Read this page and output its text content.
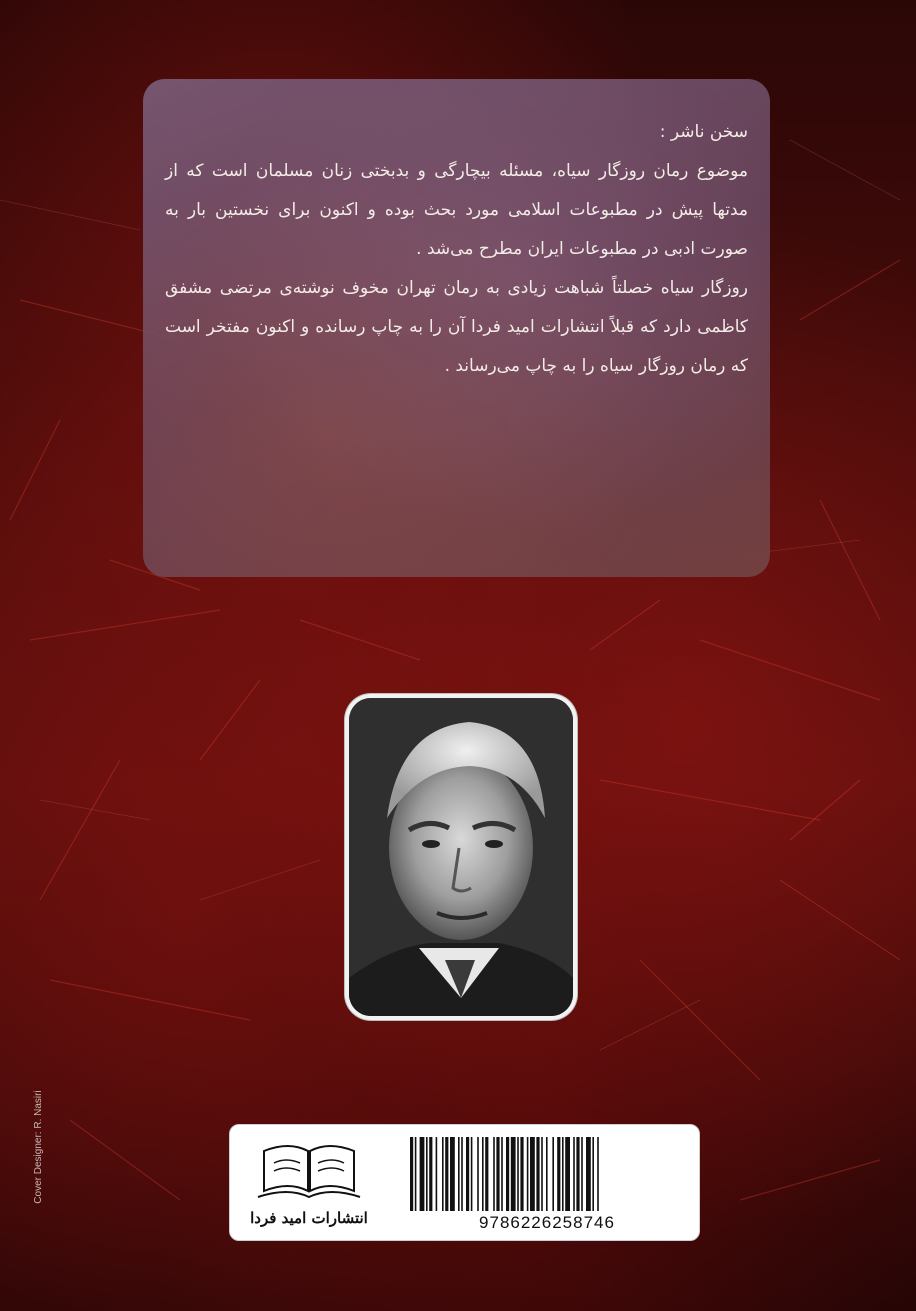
سخن ناشر :

موضوع رمان روزگار سیاه، مسئله بیچارگی و بدبختی زنان مسلمان است که از مدتها پیش در مطبوعات اسلامی مورد بحث بوده و اکنون برای نخستین بار به صورت ادبی در مطبوعات ایران مطرح می‌شد .

روزگار سیاه خصلتاً شباهت زیادی به رمان تهران مخوف نوشته‌ی مرتضی مشفق کاظمی دارد که قبلاً انتشارات امید فردا آن را به چاپ رسانده و اکنون مفتخر است که رمان روزگار سیاه را به چاپ می‌رساند .

Cover Designer: R. Nasiri
انتشارات امید فردا	9786226258746
